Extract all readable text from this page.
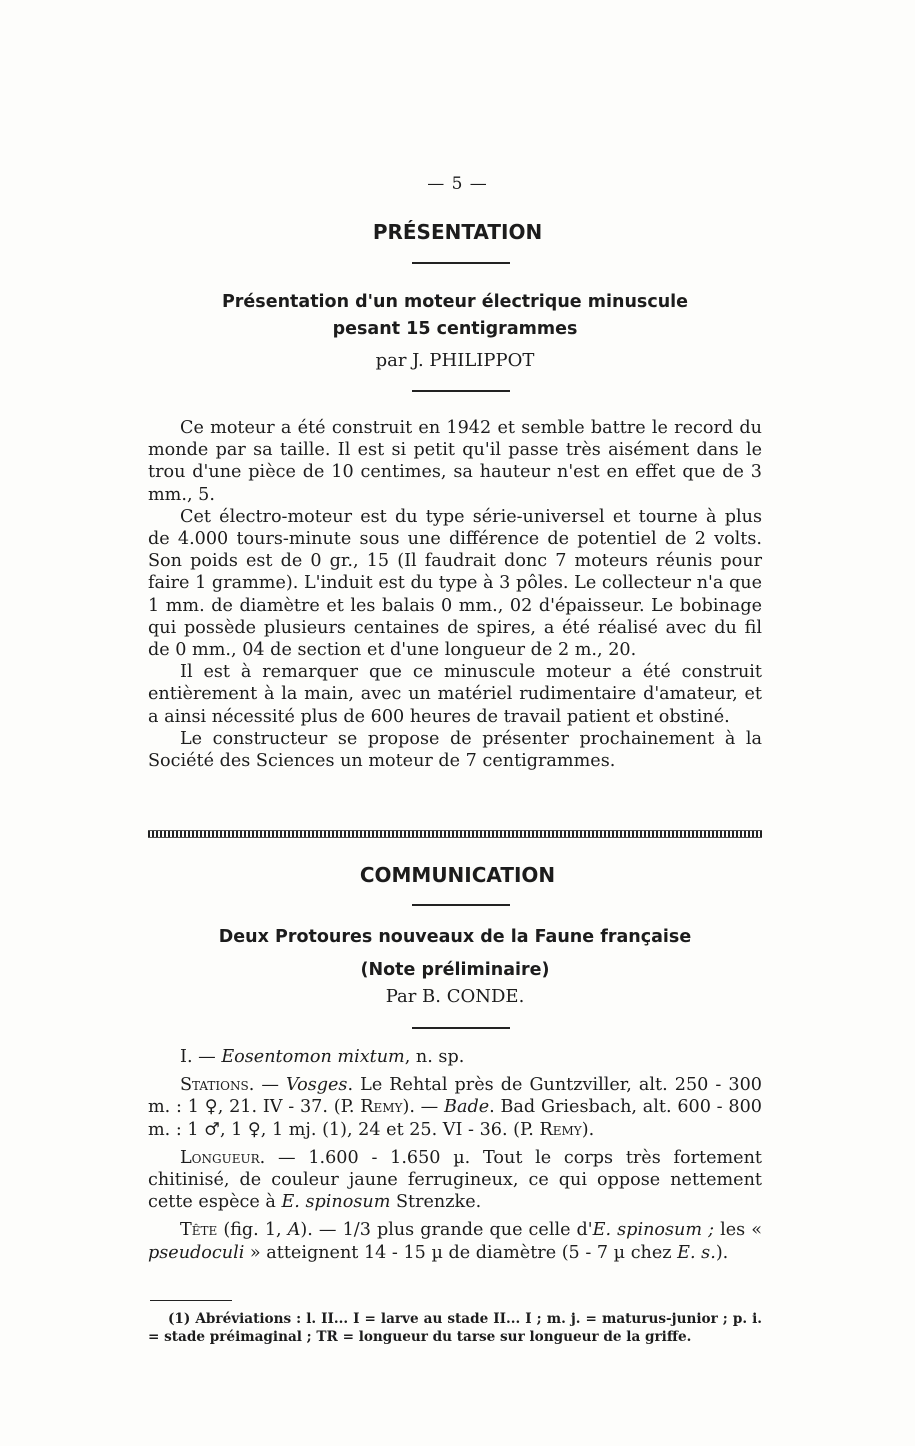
— 5 —
PRÉSENTATION
Présentation d'un moteur électrique minuscule
pesant 15 centigrammes
par J. PHILIPPOT

Ce moteur a été construit en 1942 et semble battre le record du monde par sa taille. Il est si petit qu'il passe très aisément dans le trou d'une pièce de 10 centimes, sa hauteur n'est en effet que de 3 mm., 5.

Cet électro-moteur est du type série-universel et tourne à plus de 4.000 tours-minute sous une différence de potentiel de 2 volts. Son poids est de 0 gr., 15 (Il faudrait donc 7 moteurs réunis pour faire 1 gramme). L'induit est du type à 3 pôles. Le collecteur n'a que 1 mm. de diamètre et les balais 0 mm., 02 d'épaisseur. Le bobinage qui possède plusieurs centaines de spires, a été réalisé avec du fil de 0 mm., 04 de section et d'une longueur de 2 m., 20.

Il est à remarquer que ce minuscule moteur a été construit entièrement à la main, avec un matériel rudimentaire d'amateur, et a ainsi nécessité plus de 600 heures de travail patient et obstiné.

Le constructeur se propose de présenter prochainement à la Société des Sciences un moteur de 7 centigrammes.

COMMUNICATION
Deux Protoures nouveaux de la Faune française
(Note préliminaire)
Par B. CONDE.

I. — Eosentomon mixtum, n. sp.

Stations. — Vosges. Le Rehtal près de Guntzviller, alt. 250 - 300 m. : 1 ♀, 21. IV - 37. (P. Remy). — Bade. Bad Griesbach, alt. 600 - 800 m. : 1 ♂, 1 ♀, 1 mj. (1), 24 et 25. VI - 36. (P. Remy).

Longueur. — 1.600 - 1.650 µ. Tout le corps très fortement chitinisé, de couleur jaune ferrugineux, ce qui oppose nettement cette espèce à E. spinosum Strenzke.

Tête (fig. 1, A). — 1/3 plus grande que celle d'E. spinosum ; les « pseudoculi » atteignent 14 - 15 µ de diamètre (5 - 7 µ chez E. s.).

(1) Abréviations : l. II... I = larve au stade II... I ; m. j. = maturus-junior ; p. i. = stade préimaginal ; TR = longueur du tarse sur longueur de la griffe.
